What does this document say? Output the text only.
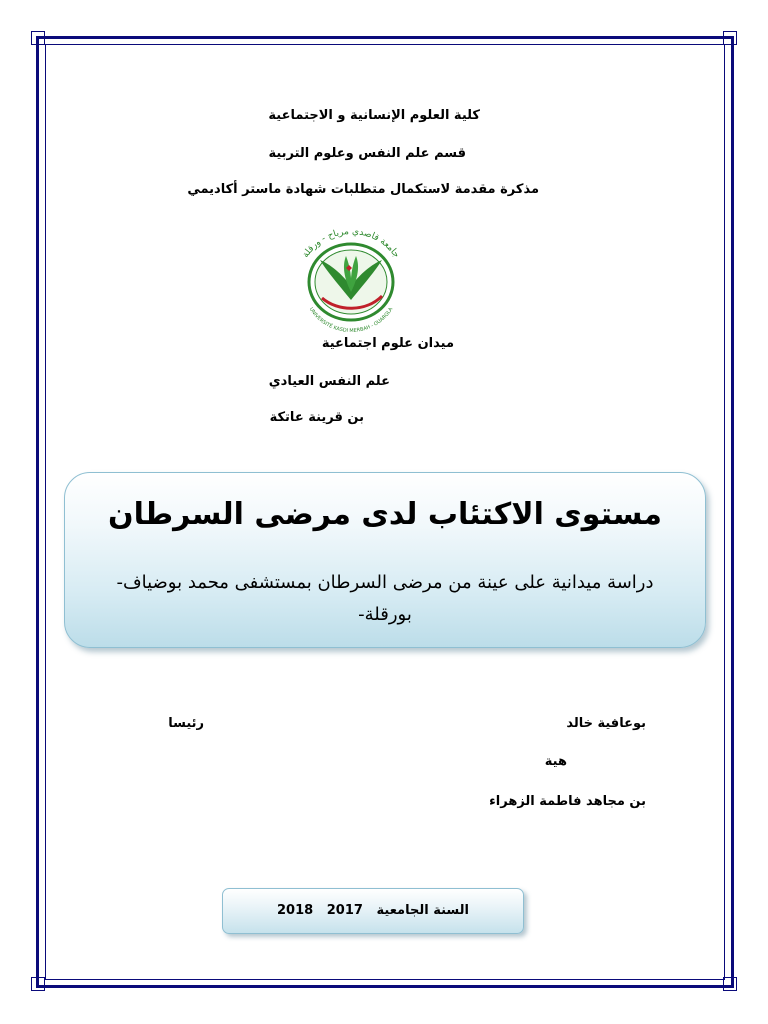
كلية العلوم الإنسانية و الاجتماعية
قسم علم النفس وعلوم التربية
مذكرة مقدمة لاستكمال متطلبات شهادة ماستر أكاديمي
جامعة قاصدي مرباح - ورقلة
UNIVERSITÉ KASDI MERBAH - OUARGLA
ميدان علوم اجتماعية
علم النفس العيادي
بن قرينة عاتكة
مستوى الاكتئاب لدى مرضى السرطان
دراسة ميدانية على عينة من مرضى السرطان بمستشفى محمد بوضياف-
بورقلة-
بوعافية خالد
رئيسا
هية
بن مجاهد فاطمة الزهراء
2018 2017 السنة الجامعية
